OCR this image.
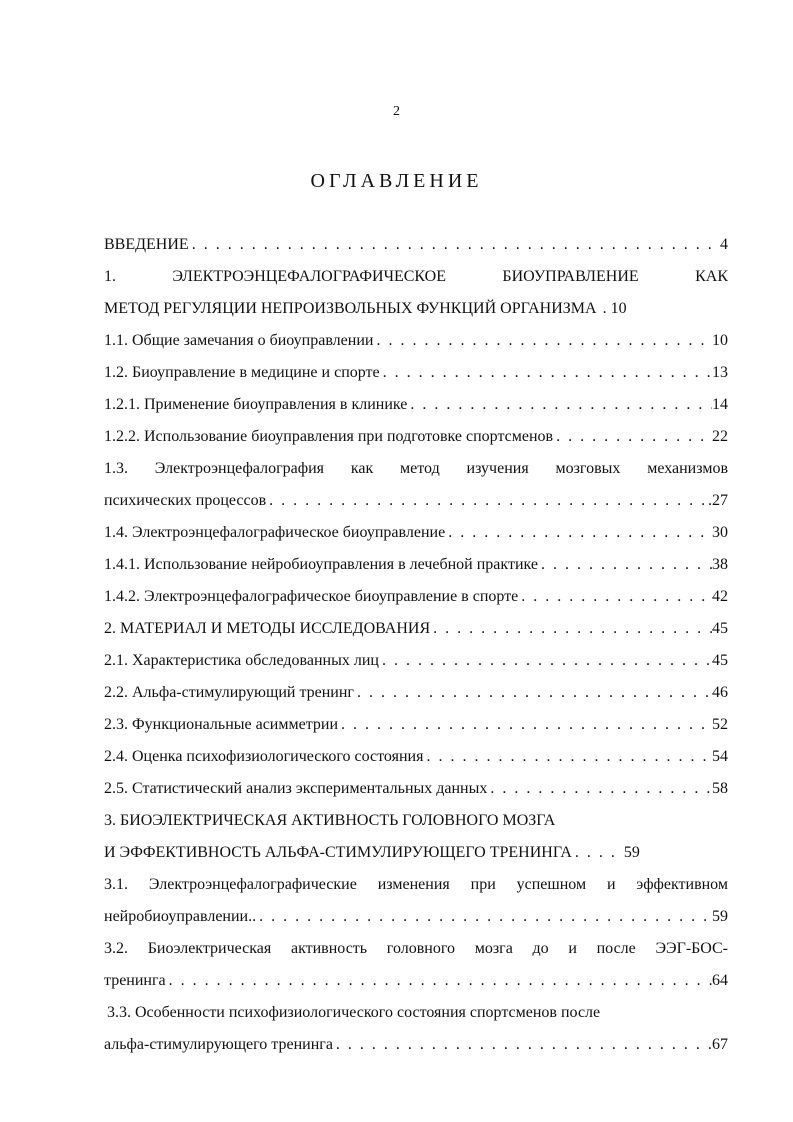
2
ОГЛАВЛЕНИЕ
ВВЕДЕНИЕ . . .	4
1. ЭЛЕКТРОЭНЦЕФАЛОГРАФИЧЕСКОЕ БИОУПРАВЛЕНИЕ КАК
МЕТОД РЕГУЛЯЦИИ НЕПРОИЗВОЛЬНЫХ ФУНКЦИЙ ОРГАНИЗМА . 10
1.1. Общие замечания о биоуправлении . . .	10
1.2. Биоуправление в медицине и спорте . . .	13
1.2.1. Применение биоуправления в клинике . . .	14
1.2.2. Использование биоуправления при подготовке спортсменов . . .	22
1.3. Электроэнцефалография как метод изучения мозговых механизмов
психических процессов . . .	.27
1.4. Электроэнцефалографическое биоуправление . . .	30
1.4.1. Использование нейробиоуправления в лечебной практике . . .	38
1.4.2. Электроэнцефалографическое биоуправление в спорте . . .	42
2. МАТЕРИАЛ И МЕТОДЫ ИССЛЕДОВАНИЯ . . .	45
2.1. Характеристика обследованных лиц . . .	45
2.2. Альфа-стимулирующий тренинг . . .	46
2.3. Функциональные асимметрии . . .	52
2.4. Оценка психофизиологического состояния . . .	54
2.5. Статистический анализ экспериментальных данных . . .	58
3. БИОЭЛЕКТРИЧЕСКАЯ АКТИВНОСТЬ ГОЛОВНОГО МОЗГА
И ЭФФЕКТИВНОСТЬ АЛЬФА-СТИМУЛИРУЮЩЕГО ТРЕНИНГА . . .	59
3.1. Электроэнцефалографические изменения при успешном и эффективном
нейробиоуправлении.. . . .	59
3.2. Биоэлектрическая активность головного мозга до и после ЭЭГ-БОС-
тренинга . . .	64
3.3. Особенности психофизиологического состояния спортсменов после
альфа-стимулирующего тренинга . . .	67
